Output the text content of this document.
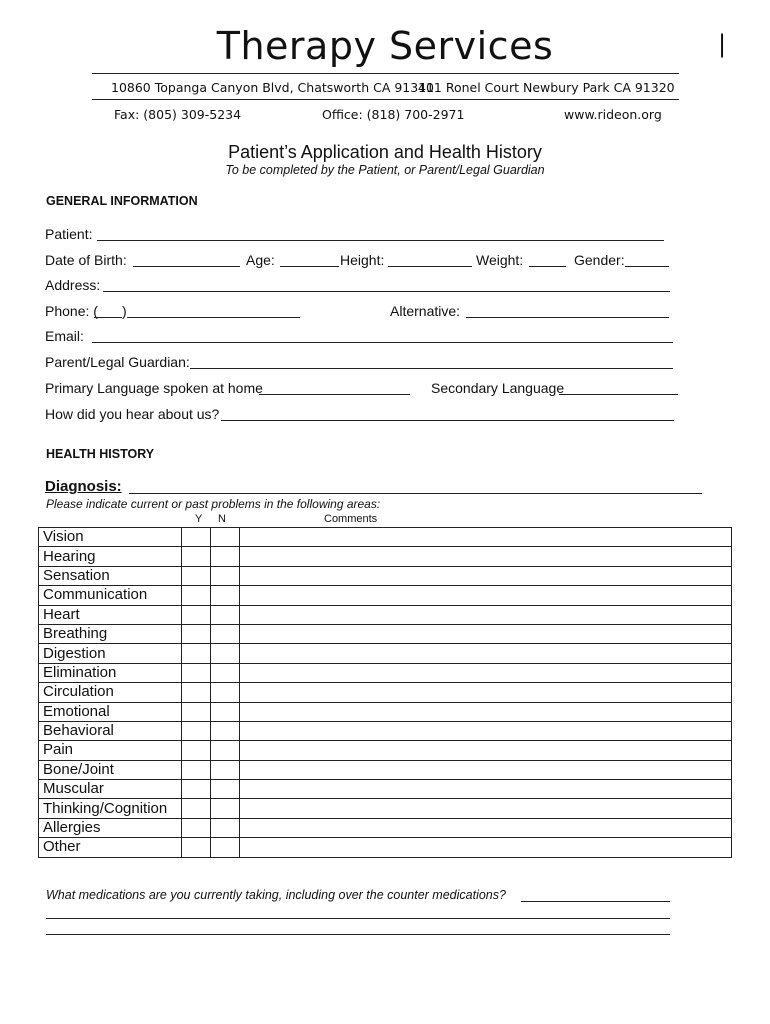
Therapy Services	|
10860 Topanga Canyon Blvd, Chatsworth CA 91311
401 Ronel Court Newbury Park CA 91320
Fax: (805) 309-5234	Office: (818) 700-2971	www.rideon.org
Patient’s Application and Health History
To be completed by the Patient, or Parent/Legal Guardian
GENERAL INFORMATION
Patient:
Date of Birth:	Age:	Height:	Weight:	Gender:
Address:
Phone: ( )	Alternative:
Email:
Parent/Legal Guardian:
Primary Language spoken at home	Secondary Language
How did you hear about us?
HEALTH HISTORY
Diagnosis:
Please indicate current or past problems in the following areas:
Y N	Comments
Vision			
Hearing			
Sensation			
Communication			
Heart			
Breathing			
Digestion			
Elimination			
Circulation			
Emotional			
Behavioral			
Pain			
Bone/Joint			
Muscular			
Thinking/Cognition			
Allergies			
Other			
What medications are you currently taking, including over the counter medications?
